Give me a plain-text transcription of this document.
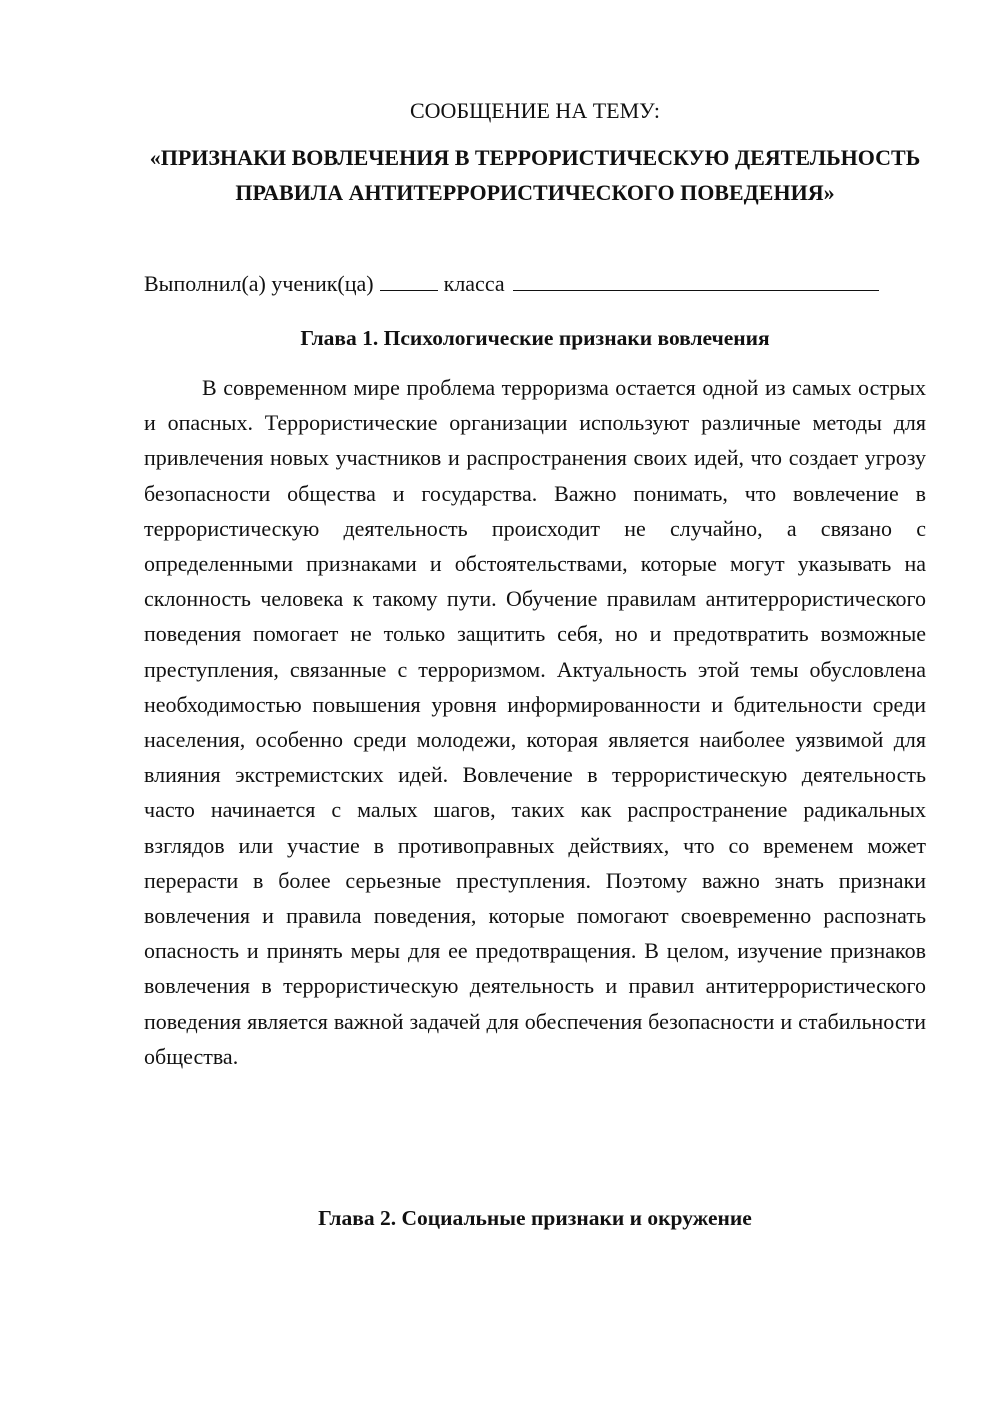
СООБЩЕНИЕ НА ТЕМУ:
«ПРИЗНАКИ ВОВЛЕЧЕНИЯ В ТЕРРОРИСТИЧЕСКУЮ ДЕЯТЕЛЬНОСТЬ ПРАВИЛА АНТИТЕРРОРИСТИЧЕСКОГО ПОВЕДЕНИЯ»
Выполнил(а) ученик(ца)	класса
Глава 1. Психологические признаки вовлечения

В современном мире проблема терроризма остается одной из самых острых и опасных. Террористические организации используют различные методы для привлечения новых участников и распространения своих идей, что создает угрозу безопасности общества и государства. Важно понимать, что вовлечение в террористическую деятельность происходит не случайно, а связано с определенными признаками и обстоятельствами, которые могут указывать на склонность человека к такому пути. Обучение правилам антитеррористического поведения помогает не только защитить себя, но и предотвратить возможные преступления, связанные с терроризмом. Актуальность этой темы обусловлена необходимостью повышения уровня информированности и бдительности среди населения, особенно среди молодежи, которая является наиболее уязвимой для влияния экстремистских идей. Вовлечение в террористическую деятельность часто начинается с малых шагов, таких как распространение радикальных взглядов или участие в противоправных действиях, что со временем может перерасти в более серьезные преступления. Поэтому важно знать признаки вовлечения и правила поведения, которые помогают своевременно распознать опасность и принять меры для ее предотвращения. В целом, изучение признаков вовлечения в террористическую деятельность и правил антитеррористического поведения является важной задачей для обеспечения безопасности и стабильности общества.

Глава 2. Социальные признаки и окружение
